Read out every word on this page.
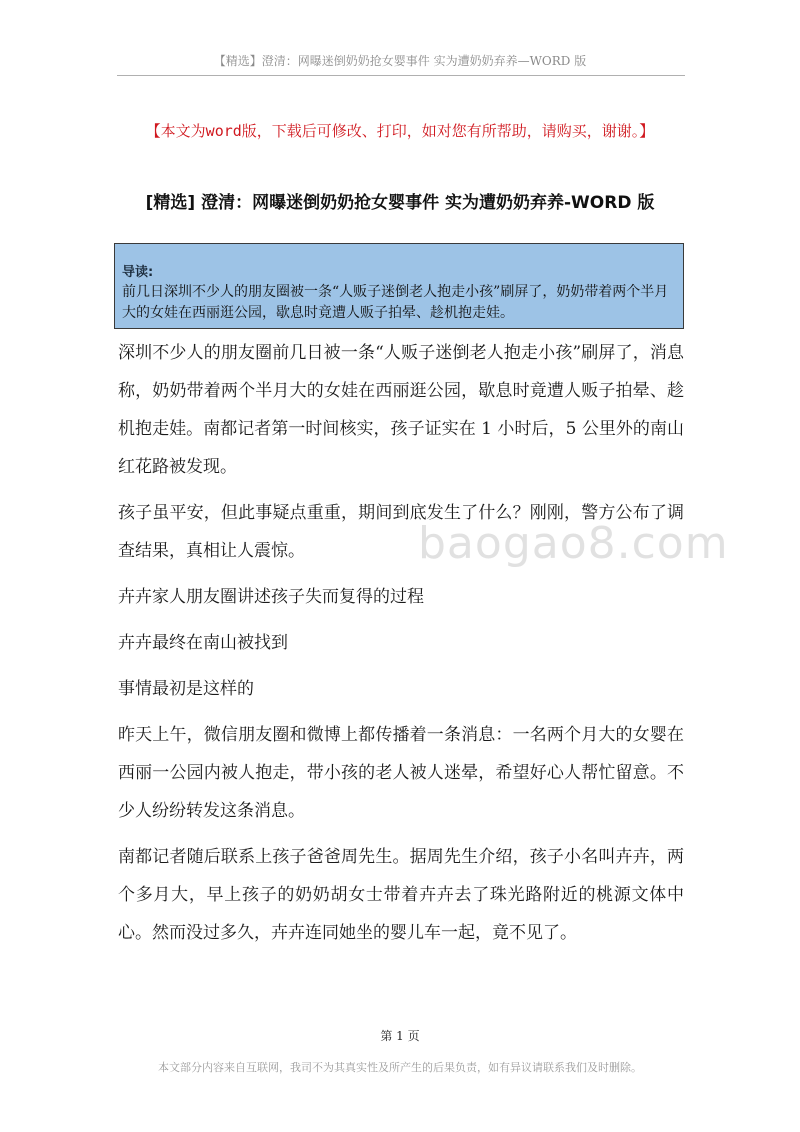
【精选】澄清：网曝迷倒奶奶抢女婴事件 实为遭奶奶弃养—WORD 版
【本文为word版，下载后可修改、打印，如对您有所帮助，请购买，谢谢。】
[精选] 澄清：网曝迷倒奶奶抢女婴事件 实为遭奶奶弃养-WORD 版
导读:
前几日深圳不少人的朋友圈被一条“人贩子迷倒老人抱走小孩”刷屏了，奶奶带着两个半月大的女娃在西丽逛公园，歇息时竟遭人贩子拍晕、趁机抱走娃。

深圳不少人的朋友圈前几日被一条“人贩子迷倒老人抱走小孩”刷屏了，消息称，奶奶带着两个半月大的女娃在西丽逛公园，歇息时竟遭人贩子拍晕、趁机抱走娃。南都记者第一时间核实，孩子证实在 1 小时后，5 公里外的南山红花路被发现。

孩子虽平安，但此事疑点重重，期间到底发生了什么？刚刚，警方公布了调查结果，真相让人震惊。

卉卉家人朋友圈讲述孩子失而复得的过程

卉卉最终在南山被找到

事情最初是这样的

昨天上午，微信朋友圈和微博上都传播着一条消息：一名两个月大的女婴在西丽一公园内被人抱走，带小孩的老人被人迷晕，希望好心人帮忙留意。不少人纷纷转发这条消息。

南都记者随后联系上孩子爸爸周先生。据周先生介绍，孩子小名叫卉卉，两个多月大，早上孩子的奶奶胡女士带着卉卉去了珠光路附近的桃源文体中心。然而没过多久，卉卉连同她坐的婴儿车一起，竟不见了。

baogao8.com
第 1 页
本文部分内容来自互联网，我司不为其真实性及所产生的后果负责，如有异议请联系我们及时删除。
